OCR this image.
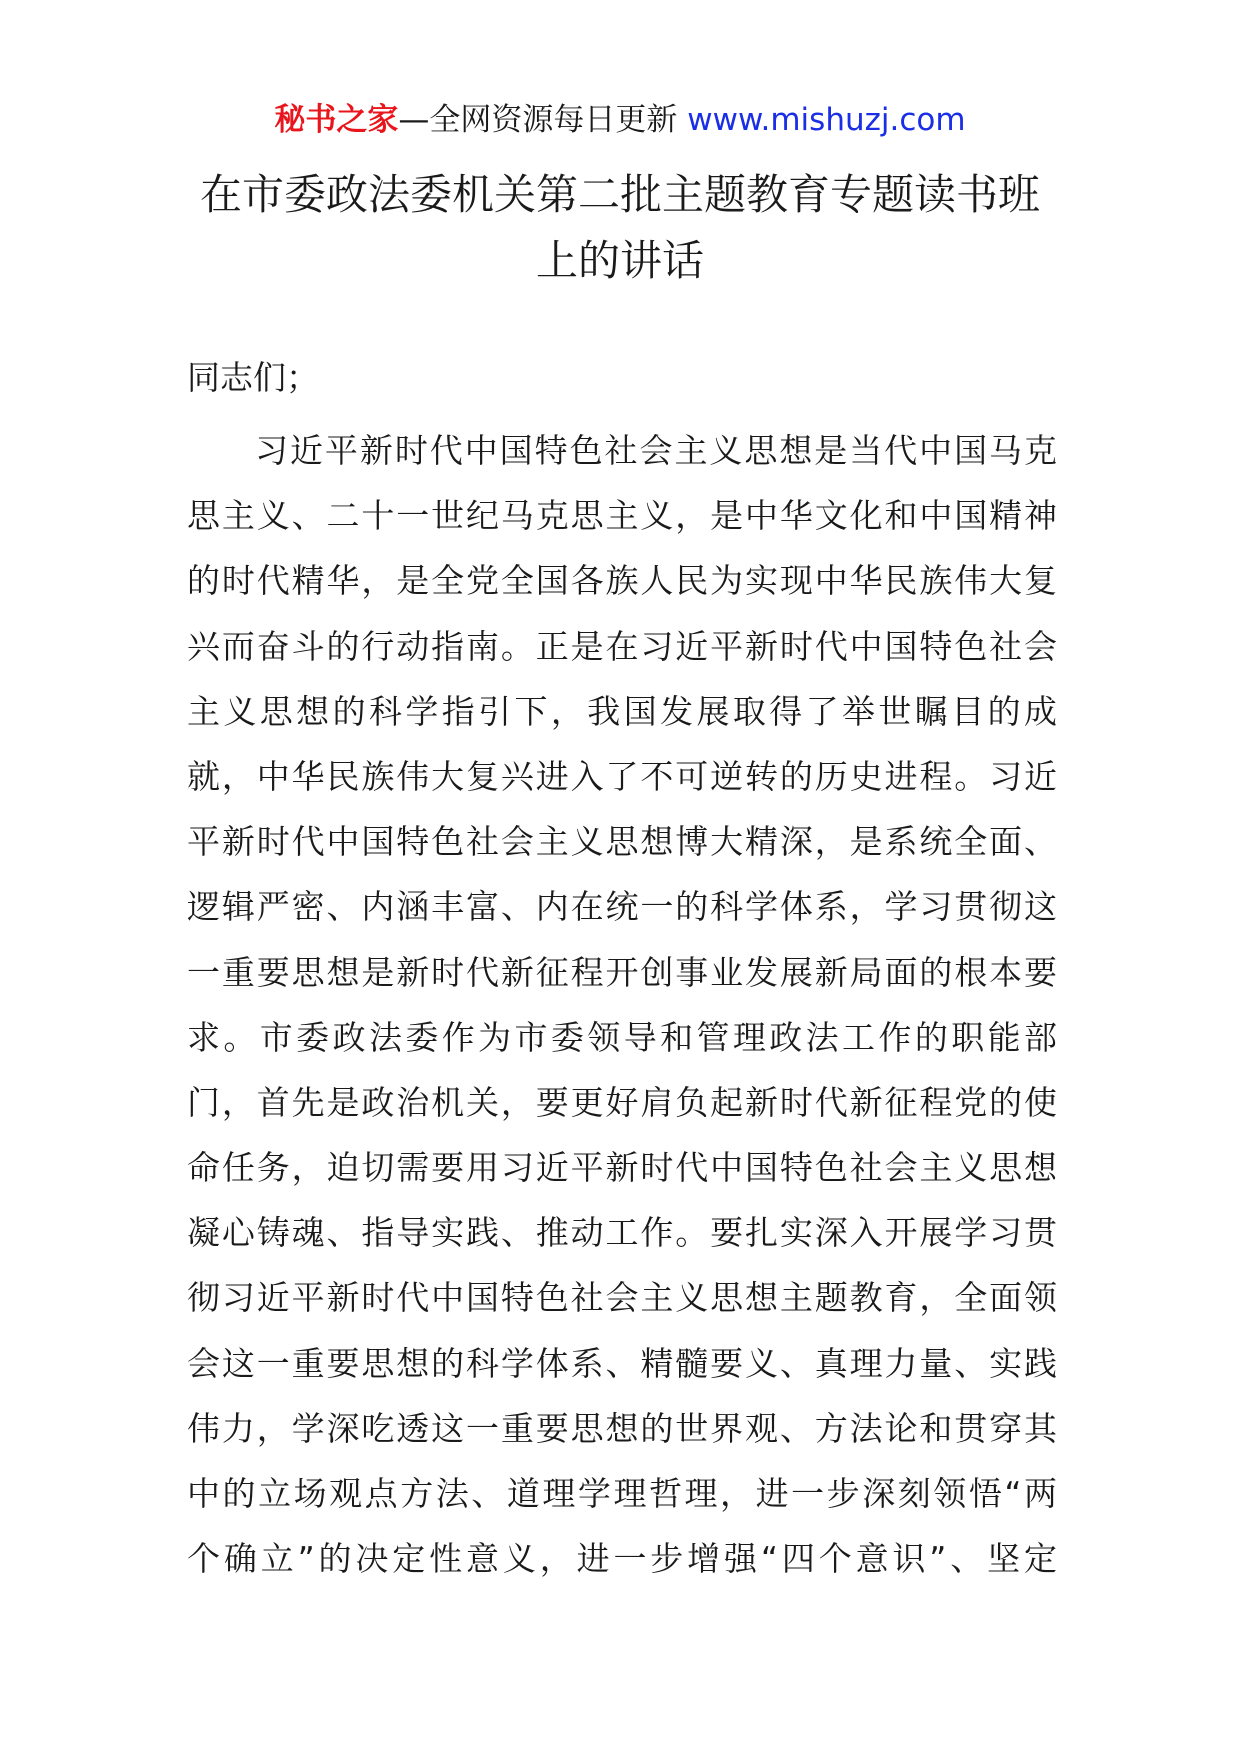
秘书之家—全网资源每日更新 www.mishuzj.com
在市委政法委机关第二批主题教育专题读书班上的讲话

同志们；

习近平新时代中国特色社会主义思想是当代中国马克
思主义、二十一世纪马克思主义，是中华文化和中国精神
的时代精华，是全党全国各族人民为实现中华民族伟大复
兴而奋斗的行动指南。正是在习近平新时代中国特色社会
主义思想的科学指引下，我国发展取得了举世瞩目的成
就，中华民族伟大复兴进入了不可逆转的历史进程。习近
平新时代中国特色社会主义思想博大精深，是系统全面、
逻辑严密、内涵丰富、内在统一的科学体系，学习贯彻这
一重要思想是新时代新征程开创事业发展新局面的根本要
求。市委政法委作为市委领导和管理政法工作的职能部
门，首先是政治机关，要更好肩负起新时代新征程党的使
命任务，迫切需要用习近平新时代中国特色社会主义思想
凝心铸魂、指导实践、推动工作。要扎实深入开展学习贯
彻习近平新时代中国特色社会主义思想主题教育，全面领
会这一重要思想的科学体系、精髓要义、真理力量、实践
伟力，学深吃透这一重要思想的世界观、方法论和贯穿其
中的立场观点方法、道理学理哲理，进一步深刻领悟“两
个确立”的决定性意义，进一步增强“四个意识”、坚定
